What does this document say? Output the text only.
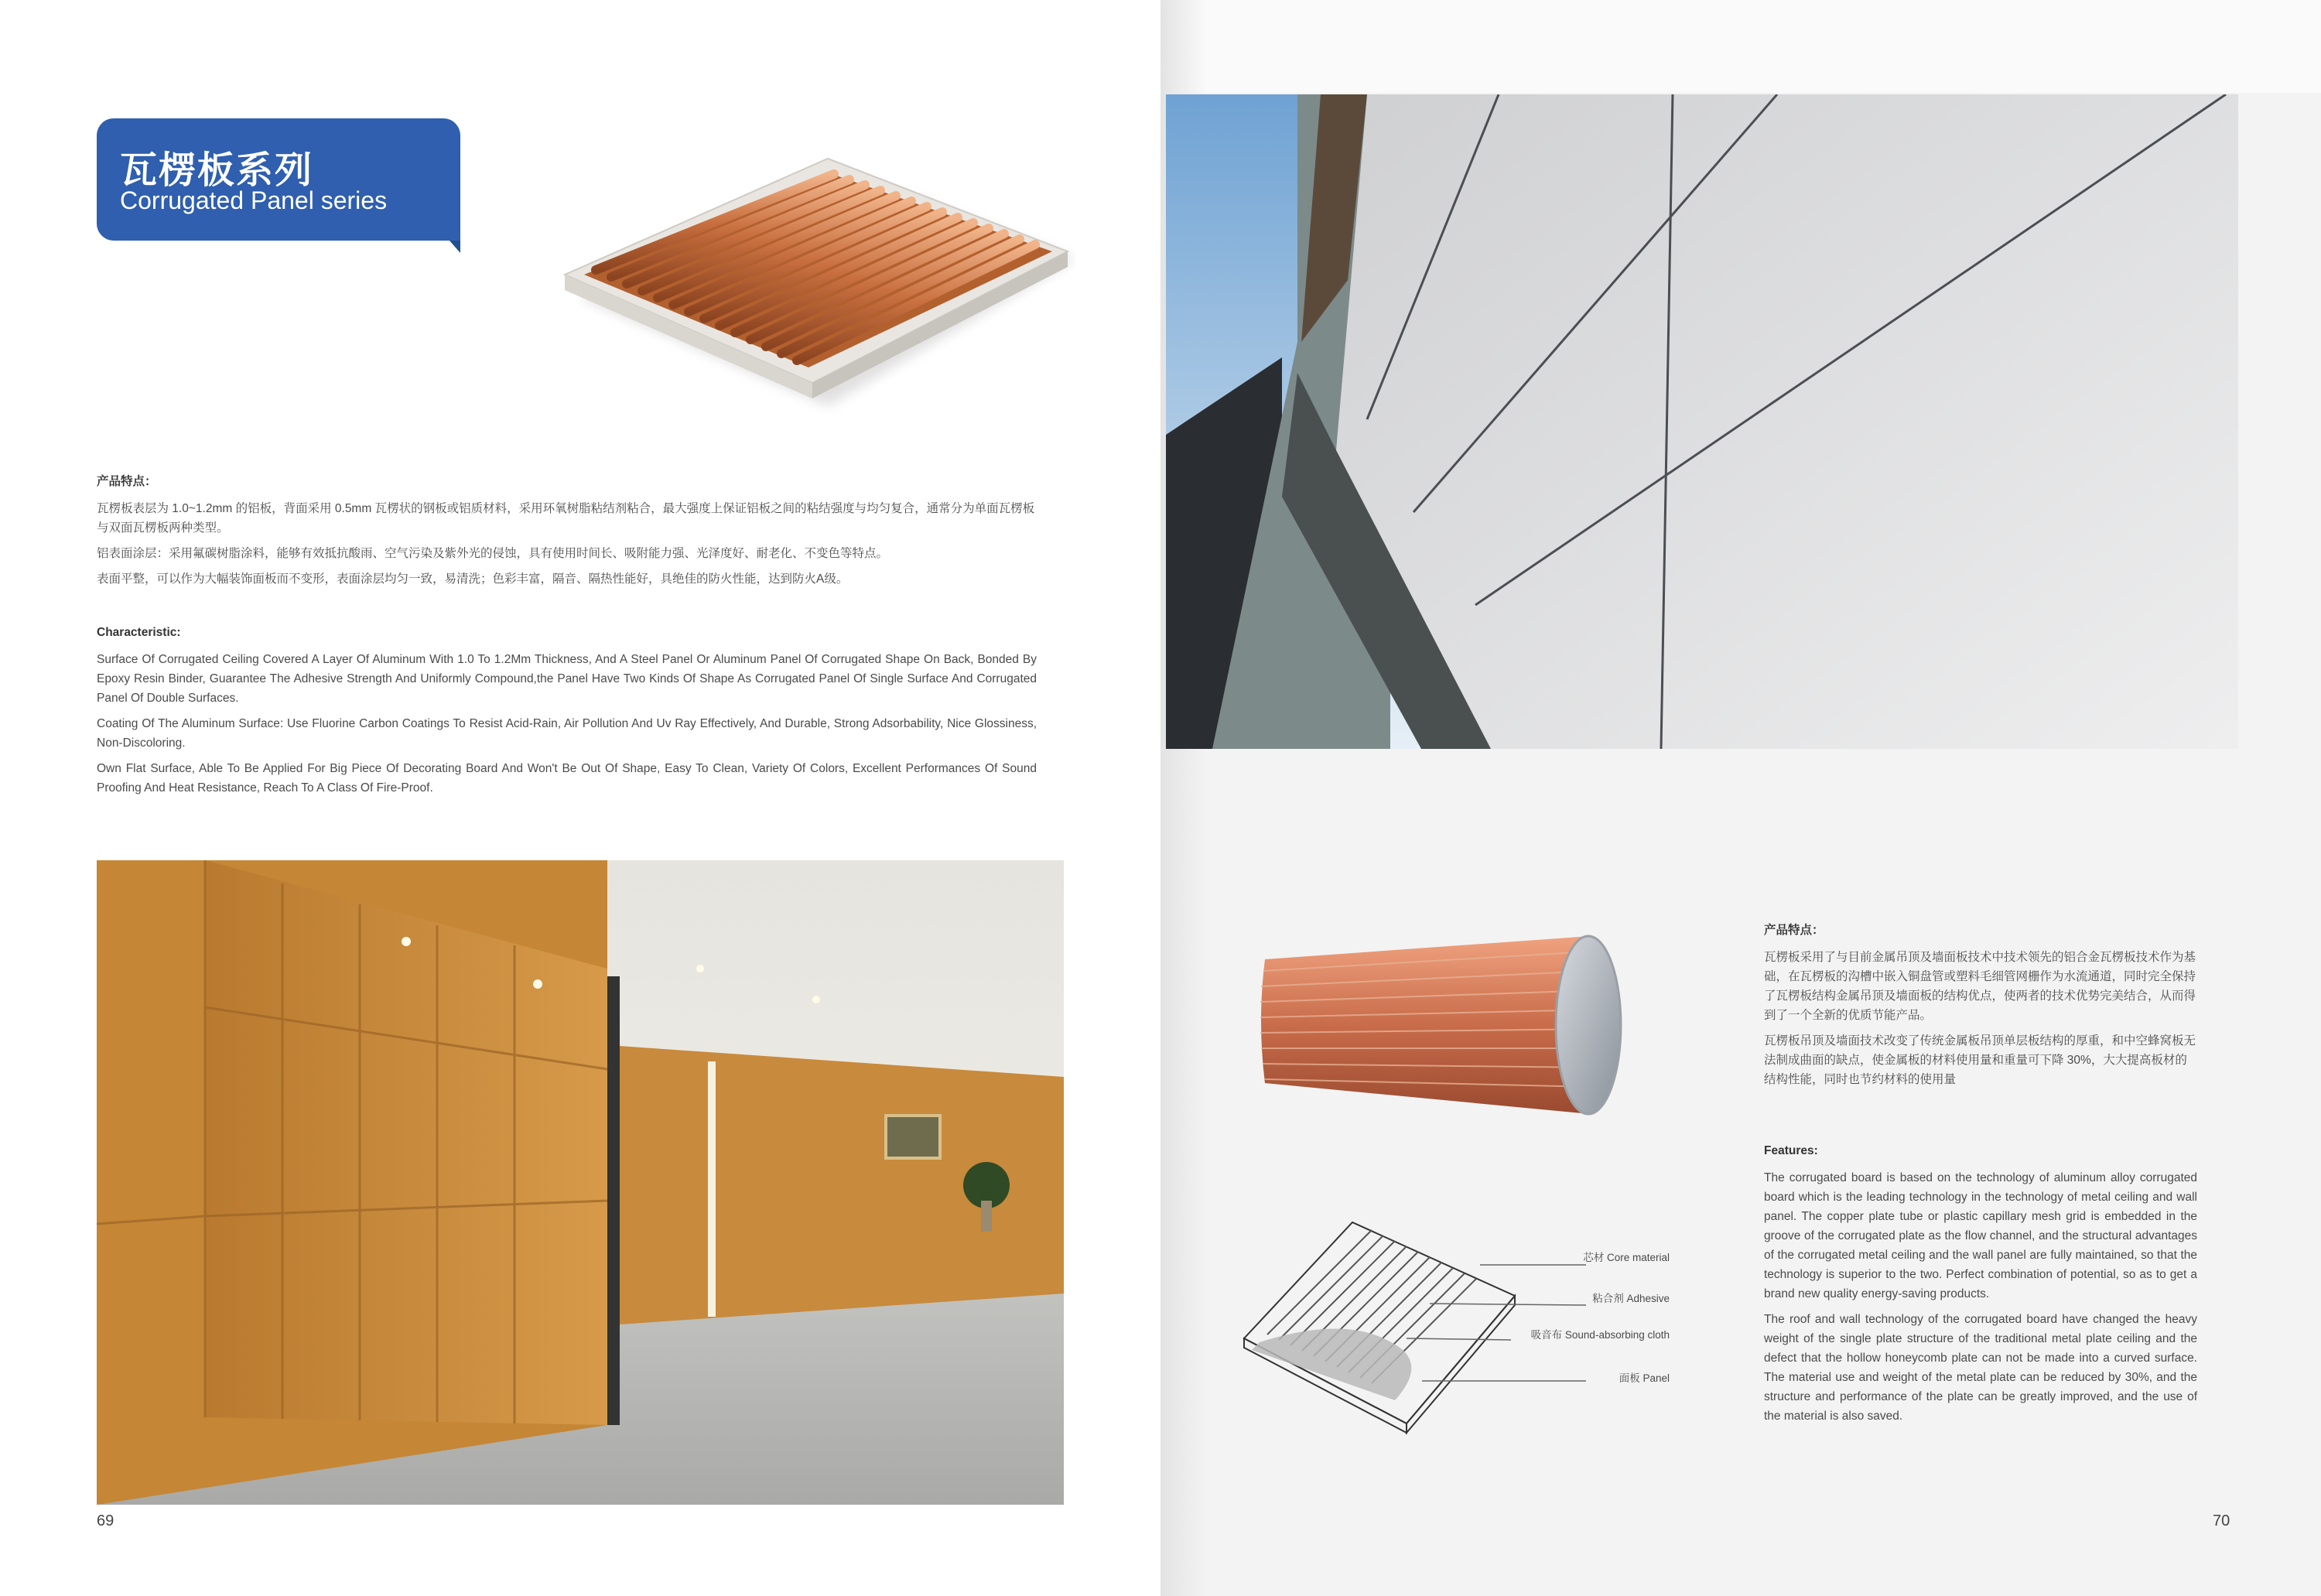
瓦楞板系列
Corrugated Panel series

产品特点：

瓦楞板表层为 1.0~1.2mm 的铝板，背面采用 0.5mm 瓦楞状的钢板或铝质材料，采用环氧树脂粘结剂粘合，最大强度上保证铝板之间的粘结强度与均匀复合，通常分为单面瓦楞板与双面瓦楞板两种类型。

铝表面涂层：采用氟碳树脂涂料，能够有效抵抗酸雨、空气污染及紫外光的侵蚀，具有使用时间长、吸附能力强、光泽度好、耐老化、不变色等特点。

表面平整，可以作为大幅装饰面板而不变形，表面涂层均匀一致，易清洗；色彩丰富，隔音、隔热性能好，具绝佳的防火性能，达到防火A级。

Characteristic:

Surface Of Corrugated Ceiling Covered A Layer Of Aluminum With 1.0 To 1.2Mm Thickness, And A Steel Panel Or Aluminum Panel Of Corrugated Shape On Back, Bonded By Epoxy Resin Binder, Guarantee The Adhesive Strength And Uniformly Compound,the Panel Have Two Kinds Of Shape As Corrugated Panel Of Single Surface And Corrugated Panel Of Double Surfaces.

Coating Of The Aluminum Surface: Use Fluorine Carbon Coatings To Resist Acid-Rain, Air Pollution And Uv Ray Effectively, And Durable, Strong Adsorbability, Nice Glossiness, Non-Discoloring.

Own Flat Surface, Able To Be Applied For Big Piece Of Decorating Board And Won't Be Out Of Shape, Easy To Clean, Variety Of Colors, Excellent Performances Of Sound Proofing And Heat Resistance, Reach To A Class Of Fire-Proof.

69
芯材 Core material
粘合剂 Adhesive
吸音布 Sound-absorbing cloth
面板 Panel

产品特点：

瓦楞板采用了与目前金属吊顶及墙面板技术中技术领先的铝合金瓦楞板技术作为基础，在瓦楞板的沟槽中嵌入铜盘管或塑料毛细管网栅作为水流通道，同时完全保持了瓦楞板结构金属吊顶及墙面板的结构优点，使两者的技术优势完美结合，从而得到了一个全新的优质节能产品。

瓦楞板吊顶及墙面技术改变了传统金属板吊顶单层板结构的厚重，和中空蜂窝板无法制成曲面的缺点，使金属板的材料使用量和重量可下降 30%，大大提高板材的结构性能，同时也节约材料的使用量

Features:

The corrugated board is based on the technology of aluminum alloy corrugated board which is the leading technology in the technology of metal ceiling and wall panel. The copper plate tube or plastic capillary mesh grid is embedded in the groove of the corrugated plate as the flow channel, and the structural advantages of the corrugated metal ceiling and the wall panel are fully maintained, so that the technology is superior to the two. Perfect combination of potential, so as to get a brand new quality energy-saving products.

The roof and wall technology of the corrugated board have changed the heavy weight of the single plate structure of the traditional metal plate ceiling and the defect that the hollow honeycomb plate can not be made into a curved surface. The material use and weight of the metal plate can be reduced by 30%, and the structure and performance of the plate can be greatly improved, and the use of the material is also saved.

70
